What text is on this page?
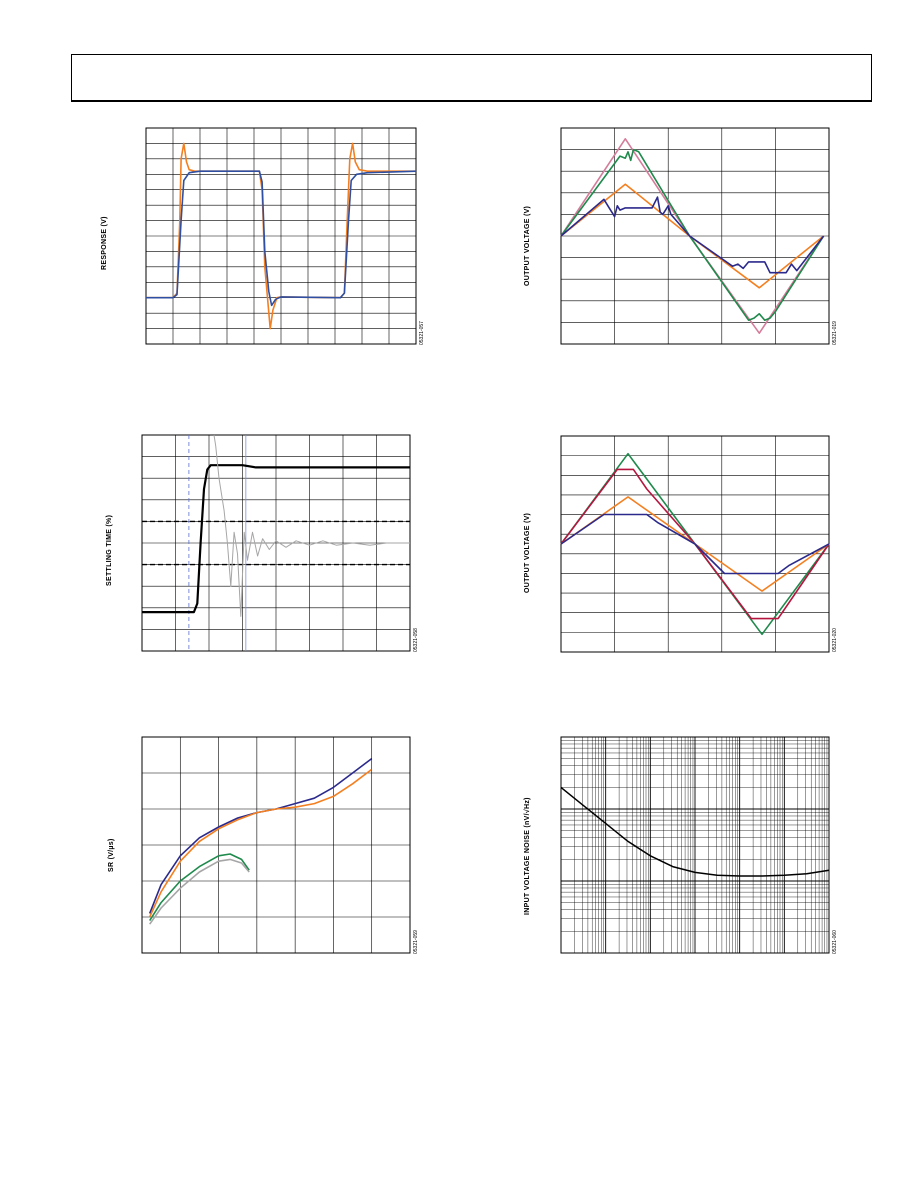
RESPONSE (V)
05321-057
OUTPUT VOLTAGE (V)
05321-019
SETTLING TIME (%)
05321-058
OUTPUT VOLTAGE (V)
05321-020
SR (V/µs)
05321-059
INPUT VOLTAGE NOISE (nV/√Hz)
05321-060
